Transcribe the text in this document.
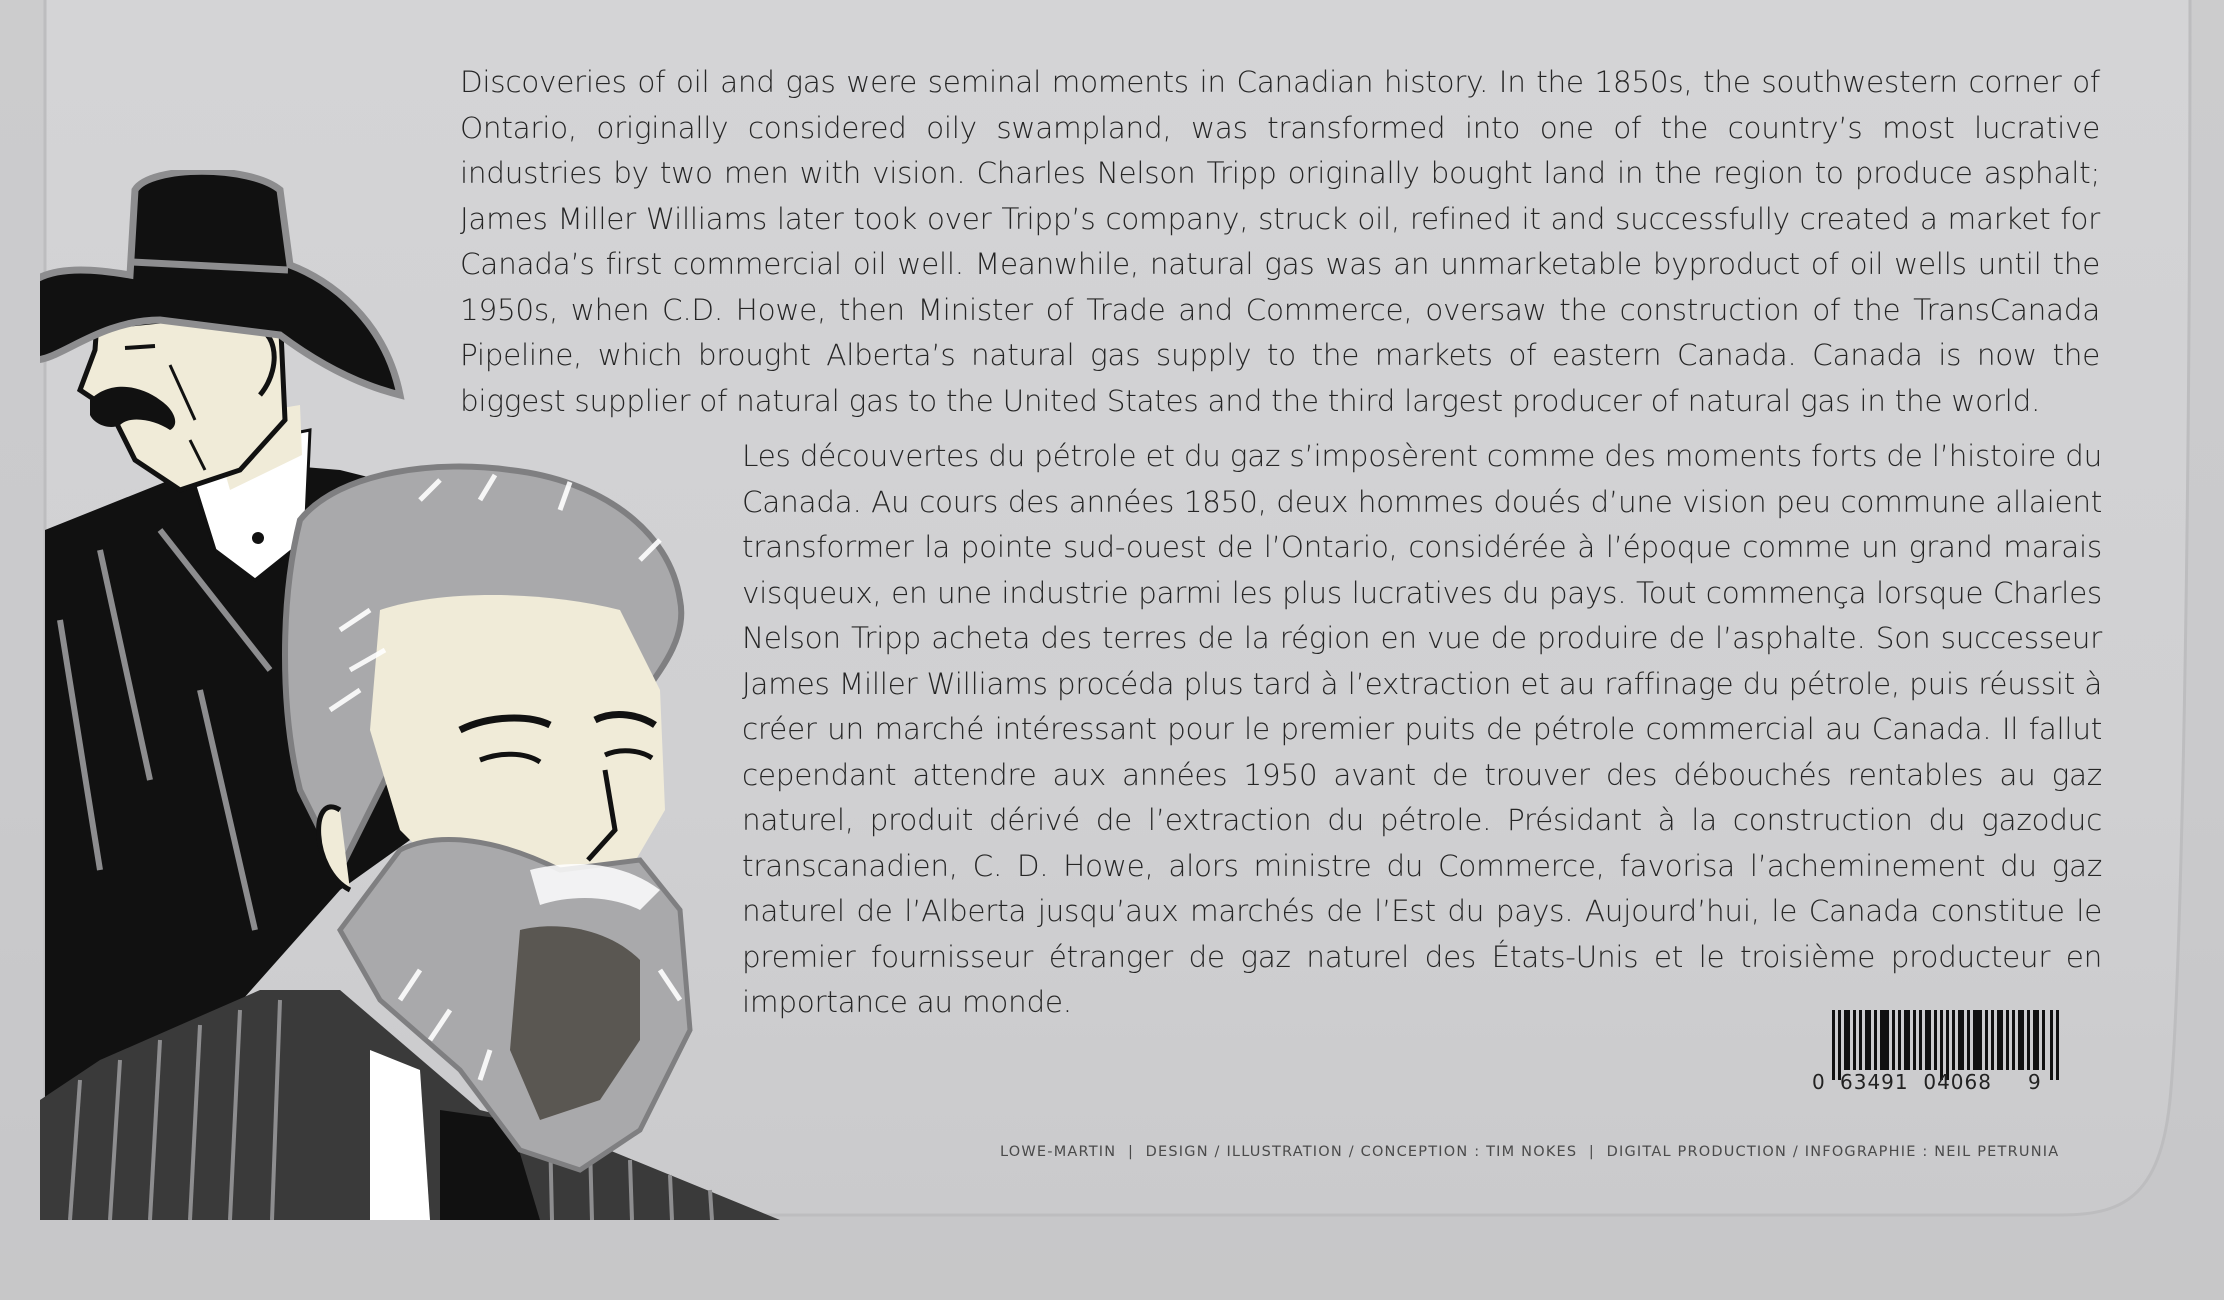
Discoveries of oil and gas were seminal moments in Canadian history. In the 1850s, the southwestern corner of Ontario, originally considered oily swampland, was transformed into one of the country’s most lucrative industries by two men with vision. Charles Nelson Tripp originally bought land in the region to produce asphalt; James Miller Williams later took over Tripp’s company, struck oil, refined it and successfully created a market for Canada’s first commercial oil well. Meanwhile, natural gas was an unmarketable byproduct of oil wells until the 1950s, when C.D. Howe, then Minister of Trade and Commerce, oversaw the construction of the TransCanada Pipeline, which brought Alberta’s natural gas supply to the markets of eastern Canada. Canada is now the biggest supplier of natural gas to the United States and the third largest producer of natural gas in the world.

Les découvertes du pétrole et du gaz s’imposèrent comme des moments forts de l’histoire du Canada. Au cours des années 1850, deux hommes doués d’une vision peu commune allaient transformer la pointe sud-ouest de l’Ontario, considérée à l’époque comme un grand marais visqueux, en une industrie parmi les plus lucratives du pays. Tout commença lorsque Charles Nelson Tripp acheta des terres de la région en vue de produire de l’asphalte. Son successeur James Miller Williams procéda plus tard à l’extraction et au raffinage du pétrole, puis réussit à créer un marché intéressant pour le premier puits de pétrole commercial au Canada. Il fallut cependant attendre aux années 1950 avant de trouver des débouchés rentables au gaz naturel, produit dérivé de l’extraction du pétrole. Présidant à la construction du gazoduc transcanadien, C. D. Howe, alors ministre du Commerce, favorisa l’acheminement du gaz naturel de l’Alberta jusqu’aux marchés de l’Est du pays. Aujourd’hui, le Canada constitue le premier fournisseur étranger de gaz naturel des États-Unis et le troisième producteur en importance au monde.

0 63491  04068 9
LOWE-MARTIN  |  DESIGN / ILLUSTRATION / CONCEPTION : TIM NOKES  |  DIGITAL PRODUCTION / INFOGRAPHIE : NEIL PETRUNIA
